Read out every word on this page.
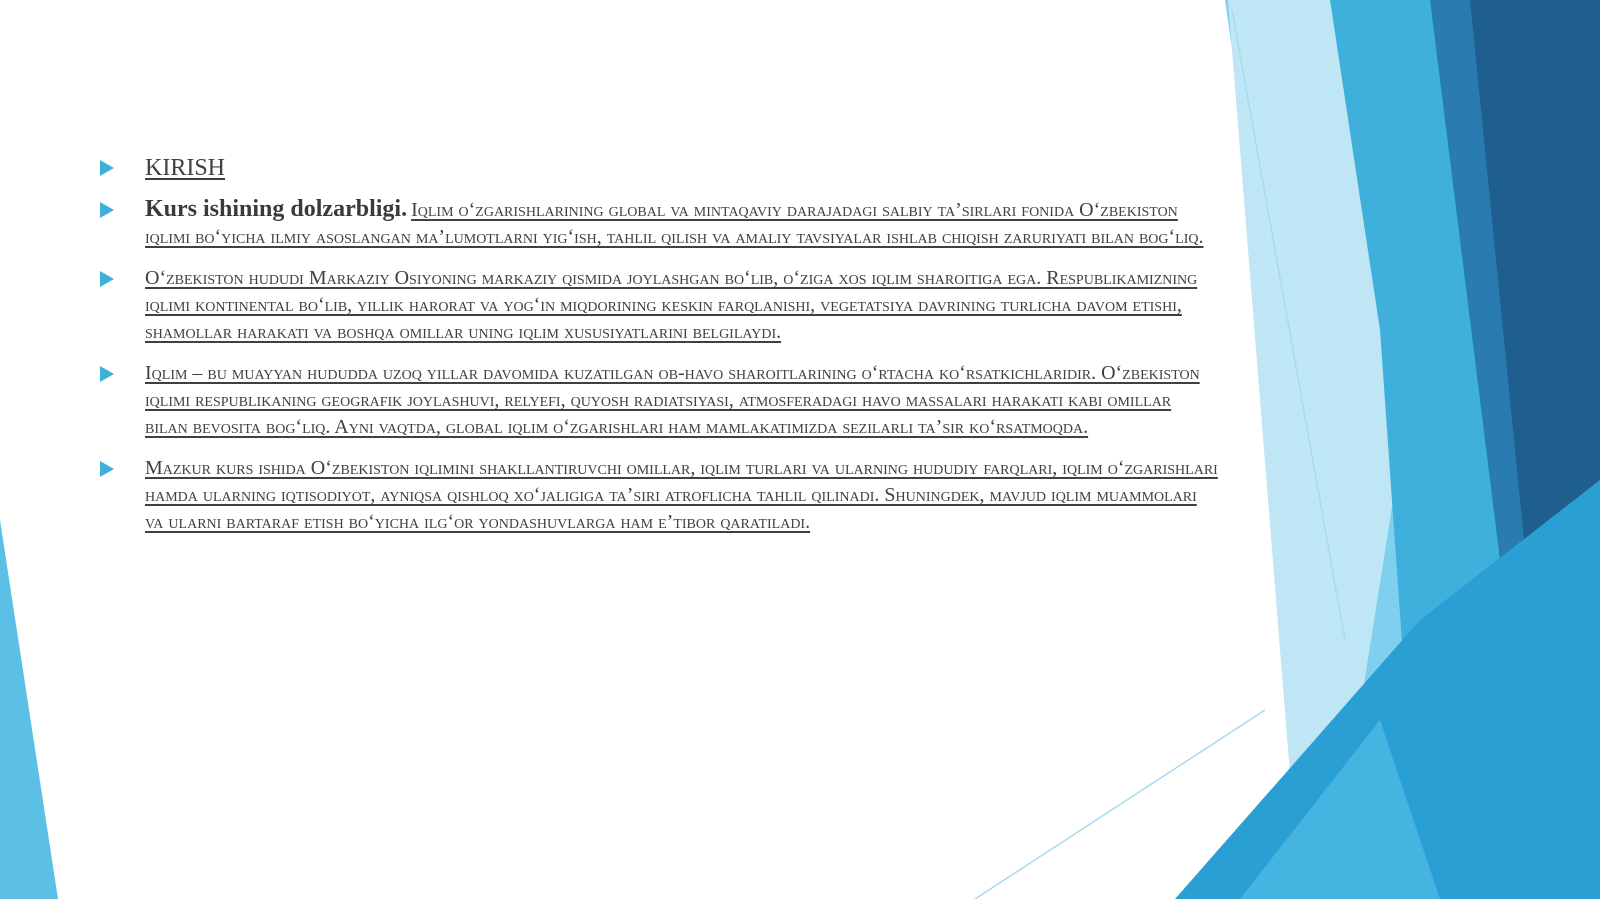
KIRISH
Kurs ishining dolzarbligi. Iqlim o‘zgarishlarining global va mintaqaviy darajadagi salbiy ta’sirlari fonida O‘zbekiston iqlimi bo‘yicha ilmiy asoslangan ma’lumotlarni yig‘ish, tahlil qilish va amaliy tavsiyalar ishlab chiqish zaruriyati bilan bog‘liq.
O‘zbekiston hududi Markaziy Osiyoning markaziy qismida joylashgan bo‘lib, o‘ziga xos iqlim sharoitiga ega. Respublikamizning iqlimi kontinental bo‘lib, yillik harorat va yog‘in miqdorining keskin farqlanishi, vegetatsiya davrining turlicha davom etishi, shamollar harakati va boshqa omillar uning iqlim xususiyatlarini belgilaydi.
Iqlim – bu muayyan hududda uzoq yillar davomida kuzatilgan ob-havo sharoitlarining o‘rtacha ko‘rsatkichlaridir. O‘zbekiston iqlimi respublikaning geografik joylashuvi, relyefi, quyosh radiatsiyasi, atmosferadagi havo massalari harakati kabi omillar bilan bevosita bog‘liq. Ayni vaqtda, global iqlim o‘zgarishlari ham mamlakatimizda sezilarli ta’sir ko‘rsatmoqda.
Mazkur kurs ishida O‘zbekiston iqlimini shakllantiruvchi omillar, iqlim turlari va ularning hududiy farqlari, iqlim o‘zgarishlari hamda ularning iqtisodiyot, ayniqsa qishloq xo‘jaligiga ta’siri atroflicha tahlil qilinadi. Shuningdek, mavjud iqlim muammolari va ularni bartaraf etish bo‘yicha ilg‘or yondashuvlarga ham e’tibor qaratiladi.
